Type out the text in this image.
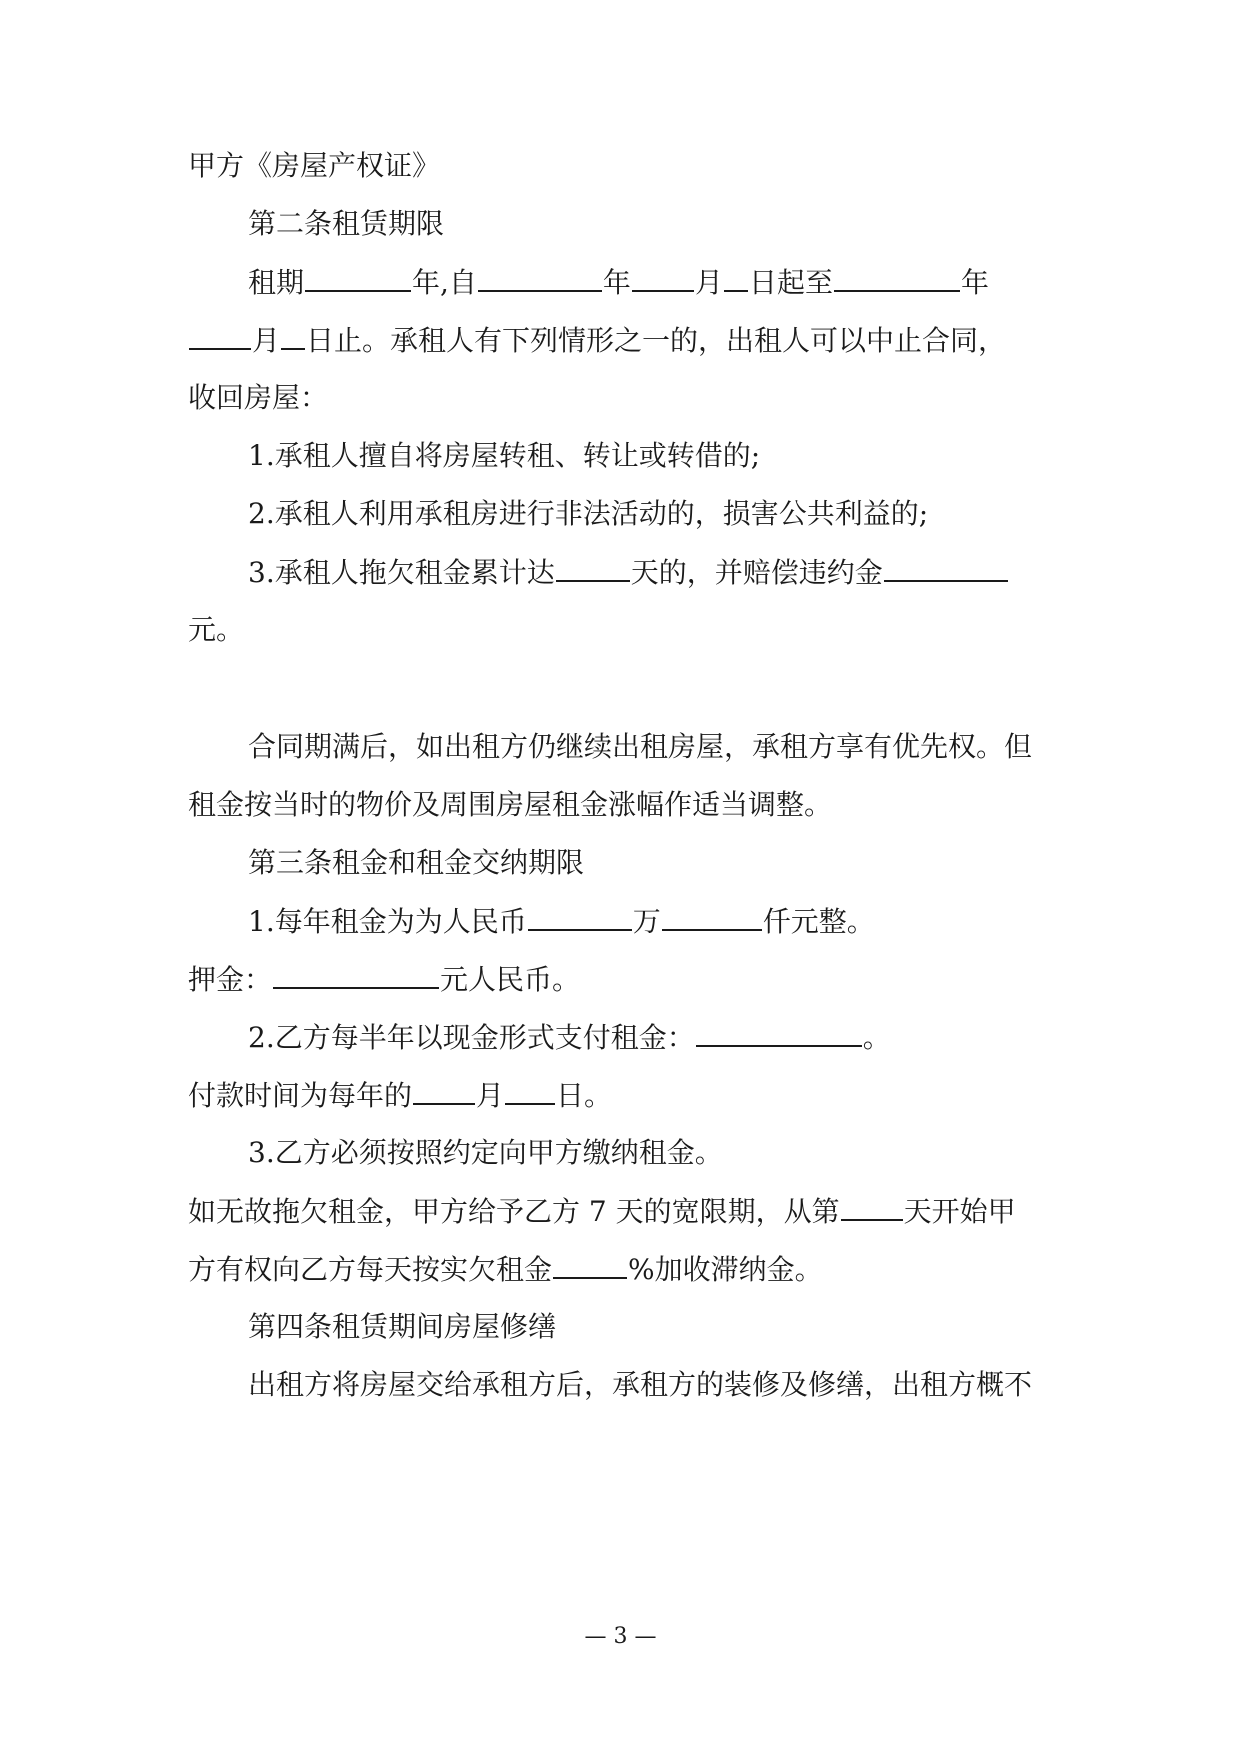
甲方《房屋产权证》
第二条租赁期限
租期	年,自	年 月 日起至	年
月 日止。承租人有下列情形之一的，出租人可以中止合同，
收回房屋：
1.承租人擅自将房屋转租、转让或转借的;
2.承租人利用承租房进行非法活动的，损害公共利益的;
3.承租人拖欠租金累计达	天的，并赔偿违约金
元。
合同期满后，如出租方仍继续出租房屋，承租方享有优先权。但
租金按当时的物价及周围房屋租金涨幅作适当调整。
第三条租金和租金交纳期限
1.每年租金为为人民币	万	仟元整。
押金：	元人民币。
2.乙方每半年以现金形式支付租金：	。
付款时间为每年的 月 日。
3.乙方必须按照约定向甲方缴纳租金。
如无故拖欠租金，甲方给予乙方 7 天的宽限期，从第 天开始甲
方有权向乙方每天按实欠租金	%加收滞纳金。
第四条租赁期间房屋修缮
出租方将房屋交给承租方后，承租方的装修及修缮，出租方概不
— 3 —
